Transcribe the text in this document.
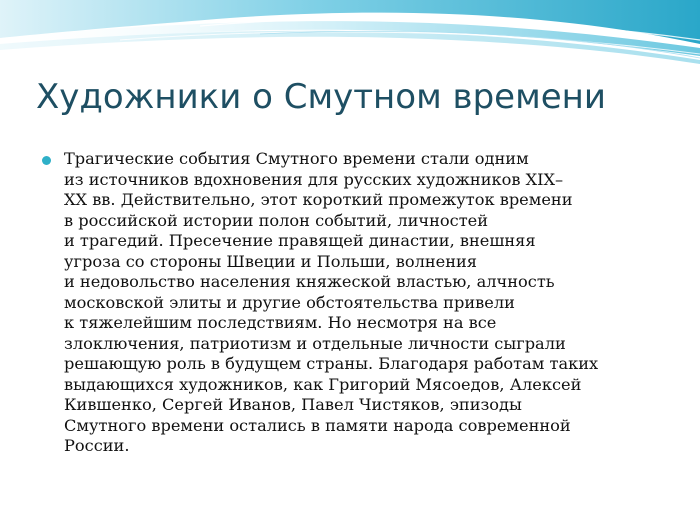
Художники о Смутном времени

Трагические события Смутного времени стали одним
из источников вдохновения для русских художников XIX–
XX вв. Действительно, этот короткий промежуток времени
в российской истории полон событий, личностей
и трагедий. Пресечение правящей династии, внешняя
угроза со стороны Швеции и Польши, волнения
и недовольство населения княжеской властью, алчность
московской элиты и другие обстоятельства привели
к тяжелейшим последствиям. Но несмотря на все
злоключения, патриотизм и отдельные личности сыграли
решающую роль в будущем страны. Благодаря работам таких
выдающихся художников, как Григорий Мясоедов, Алексей
Кившенко, Сергей Иванов, Павел Чистяков, эпизоды
Смутного времени остались в памяти народа современной
России.
